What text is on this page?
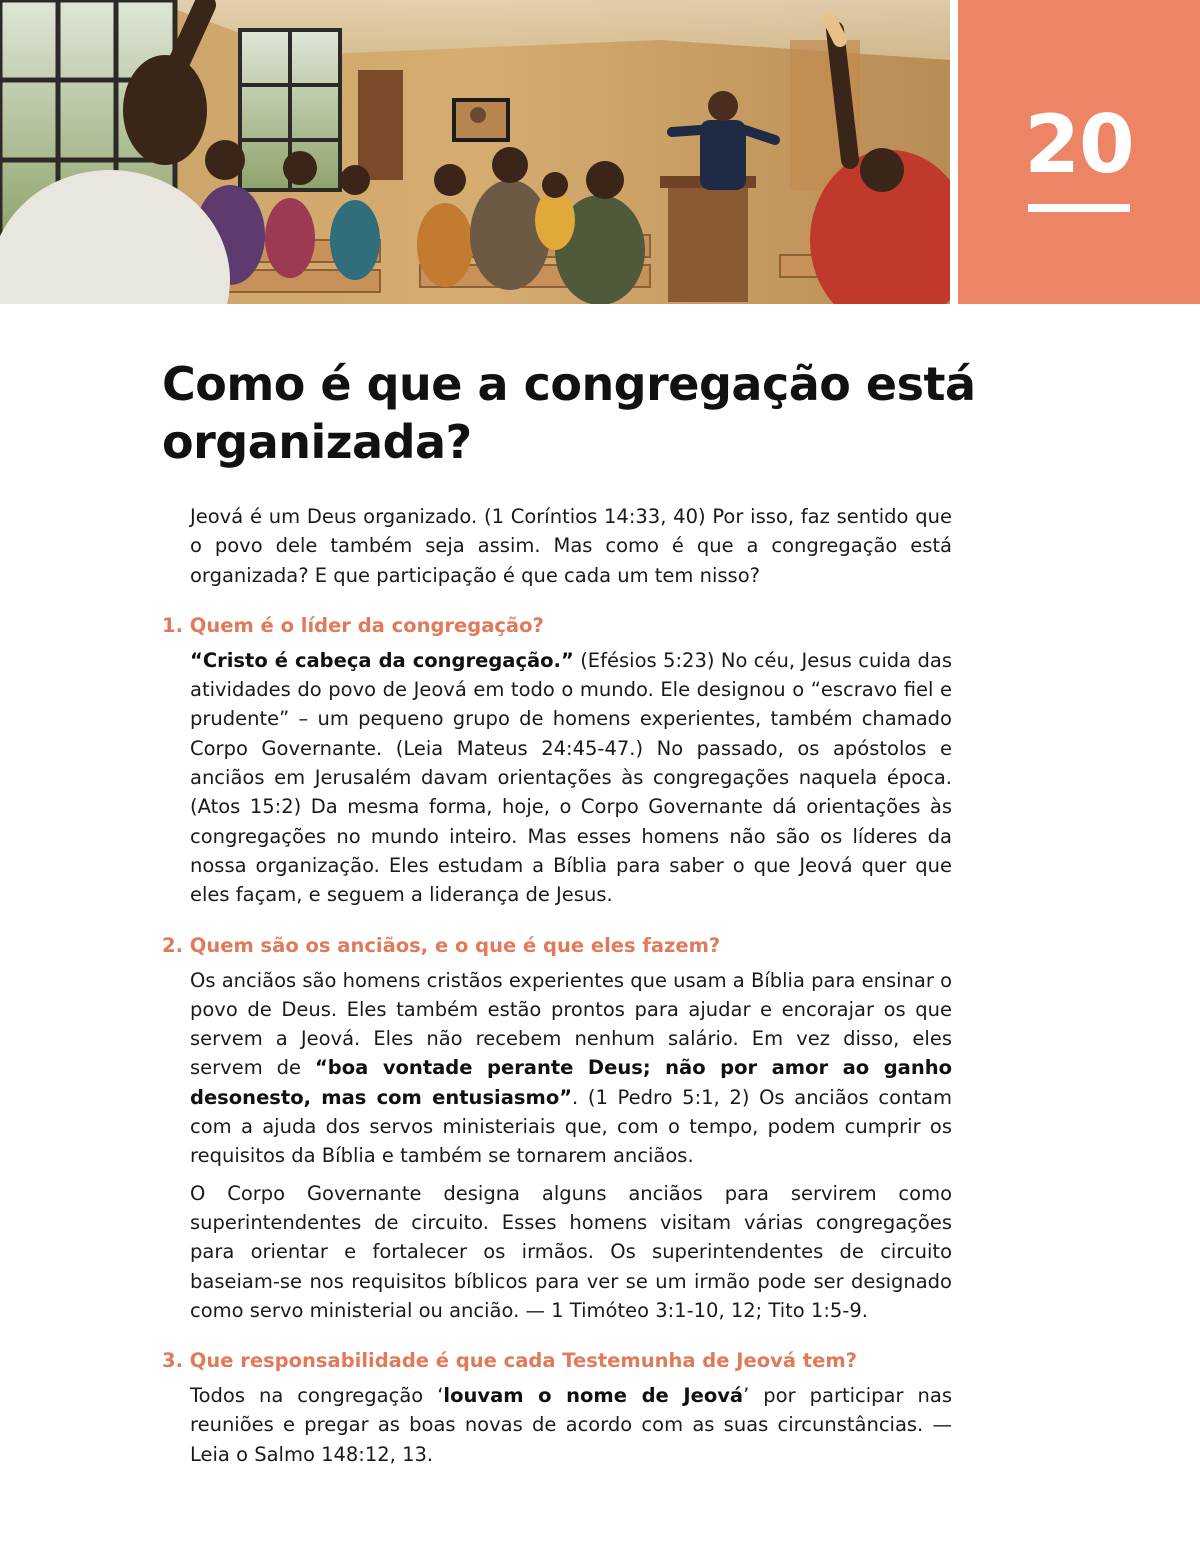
20
Como é que a congregação está organizada?

Jeová é um Deus organizado. (1 Coríntios 14:33, 40) Por isso, faz sentido que o povo dele também seja assim. Mas como é que a congregação está organizada? E que participação é que cada um tem nisso?

1. Quem é o líder da congregação?

“Cristo é cabeça da congregação.” (Efésios 5:23) No céu, Jesus cuida das atividades do povo de Jeová em todo o mundo. Ele designou o “escravo fiel e prudente” – um pequeno grupo de homens experientes, também chamado Corpo Governante. (Leia Mateus 24:45-47.) No passado, os apóstolos e anciãos em Jerusalém davam orientações às congregações naquela época. (Atos 15:2) Da mesma forma, hoje, o Corpo Governante dá orientações às congregações no mundo inteiro. Mas esses homens não são os líderes da nossa organização. Eles estudam a Bíblia para saber o que Jeová quer que eles façam, e seguem a liderança de Jesus.

2. Quem são os anciãos, e o que é que eles fazem?

Os anciãos são homens cristãos experientes que usam a Bíblia para ensinar o povo de Deus. Eles também estão prontos para ajudar e encorajar os que servem a Jeová. Eles não recebem nenhum salário. Em vez disso, eles servem de “boa vontade perante Deus; não por amor ao ganho desonesto, mas com entusiasmo”. (1 Pedro 5:1, 2) Os anciãos contam com a ajuda dos servos ministeriais que, com o tempo, podem cumprir os requisitos da Bíblia e também se tornarem anciãos.

O Corpo Governante designa alguns anciãos para servirem como superintendentes de circuito. Esses homens visitam várias congregações para orientar e fortalecer os irmãos. Os superintendentes de circuito baseiam-se nos requisitos bíblicos para ver se um irmão pode ser designado como servo ministerial ou ancião. — 1 Timóteo 3:1-10, 12; Tito 1:5-9.

3. Que responsabilidade é que cada Testemunha de Jeová tem?

Todos na congregação ‘louvam o nome de Jeová’ por participar nas reuniões e pregar as boas novas de acordo com as suas circunstâncias. — Leia o Salmo 148:12, 13.
